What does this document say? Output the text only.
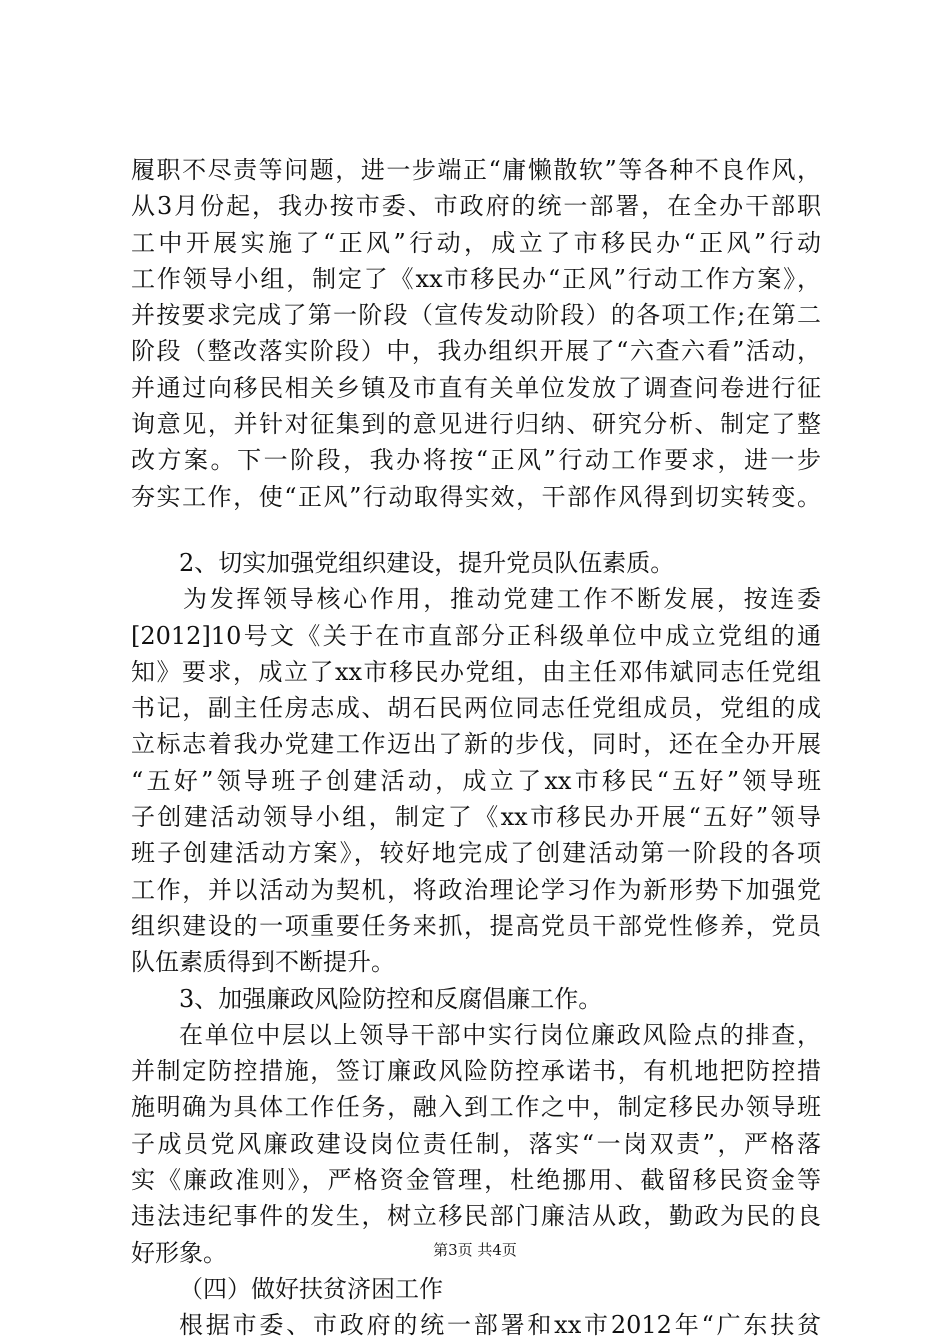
履职不尽责等问题，进一步端正“庸懒散软”等各种不良作风，
从3月份起，我办按市委、市政府的统一部署，在全办干部职
工中开展实施了“正风”行动，成立了市移民办“正风”行动
工作领导小组，制定了《xx市移民办“正风”行动工作方案》，
并按要求完成了第一阶段（宣传发动阶段）的各项工作;在第二
阶段（整改落实阶段）中，我办组织开展了“六查六看”活动，
并通过向移民相关乡镇及市直有关单位发放了调查问卷进行征
询意见，并针对征集到的意见进行归纳、研究分析、制定了整
改方案。下一阶段，我办将按“正风”行动工作要求，进一步
夯实工作，使“正风”行动取得实效，干部作风得到切实转变。
2、切实加强党组织建设，提升党员队伍素质。
为发挥领导核心作用，推动党建工作不断发展，按连委
[2012]10号文《关于在市直部分正科级单位中成立党组的通
知》要求，成立了xx市移民办党组，由主任邓伟斌同志任党组
书记，副主任房志成、胡石民两位同志任党组成员，党组的成
立标志着我办党建工作迈出了新的步伐，同时，还在全办开展
“五好”领导班子创建活动，成立了xx市移民“五好”领导班
子创建活动领导小组，制定了《xx市移民办开展“五好”领导
班子创建活动方案》，较好地完成了创建活动第一阶段的各项
工作，并以活动为契机，将政治理论学习作为新形势下加强党
组织建设的一项重要任务来抓，提高党员干部党性修养，党员
队伍素质得到不断提升。
3、加强廉政风险防控和反腐倡廉工作。
在单位中层以上领导干部中实行岗位廉政风险点的排查，
并制定防控措施，签订廉政风险防控承诺书，有机地把防控措
施明确为具体工作任务，融入到工作之中，制定移民办领导班
子成员党风廉政建设岗位责任制，落实“一岗双责”，严格落
实《廉政准则》，严格资金管理，杜绝挪用、截留移民资金等
违法违纪事件的发生，树立移民部门廉洁从政，勤政为民的良
好形象。
（四）做好扶贫济困工作
根据市委、市政府的统一部署和xx市2012年“广东扶贫
第3页 共4页
